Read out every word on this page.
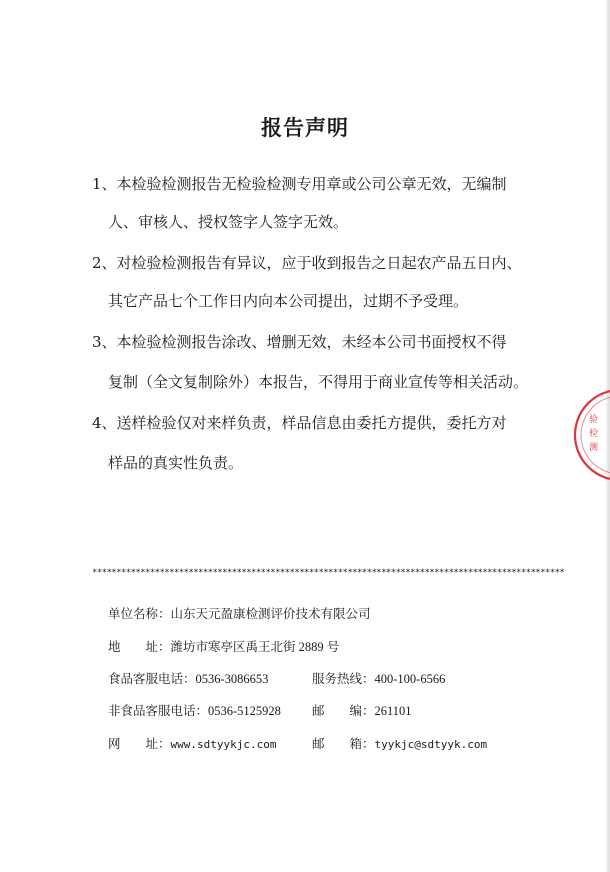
报告声明
1、本检验检测报告无检验检测专用章或公司公章无效，无编制
人、审核人、授权签字人签字无效。
2、对检验检测报告有异议，应于收到报告之日起农产品五日内、
其它产品七个工作日内向本公司提出，过期不予受理。
3、本检验检测报告涂改、增删无效，未经本公司书面授权不得
复制（全文复制除外）本报告，不得用于商业宣传等相关活动。
4、送样检验仅对来样负责，样品信息由委托方提供，委托方对
样品的真实性负责。
**************************************************************************************************
单位名称：山东天元盈康检测评价技术有限公司
地　　址：潍坊市寒亭区禹王北街 2889 号
食品客服电话：0536-3086653	服务热线：400-100-6566
非食品客服电话：0536-5125928 邮　　编：261101
网　　址：www.sdtyykjc.com	邮　　箱：tyykjc@sdtyyk.com
验检测
